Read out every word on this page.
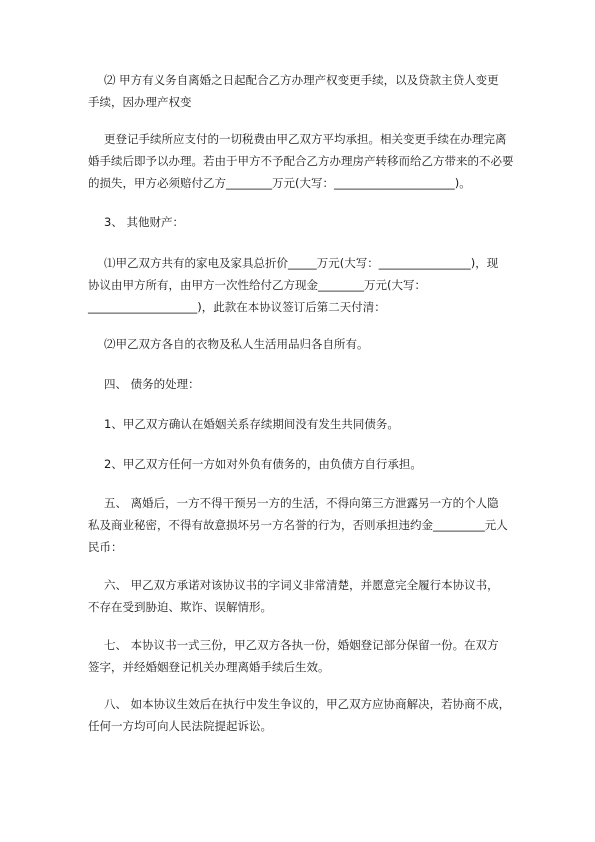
⑵ 甲方有义务自离婚之日起配合乙方办理产权变更手续，以及贷款主贷人变更
手续，因办理产权变
更登记手续所应支付的一切税费由甲乙双方平均承担。相关变更手续在办理完离
婚手续后即予以办理。若由于甲方不予配合乙方办理房产转移而给乙方带来的不必要
的损失，甲方必须赔付乙方________万元(大写：_____________________)。
3、 其他财产：
⑴甲乙双方共有的家电及家具总折价_____万元(大写：________________)，现
协议由甲方所有，由甲方一次性给付乙方现金________万元(大写：
___________________)，此款在本协议签订后第二天付清：
⑵甲乙双方各自的衣物及私人生活用品归各自所有。
四、 债务的处理：
1、甲乙双方确认在婚姻关系存续期间没有发生共同债务。
2、甲乙双方任何一方如对外负有债务的，由负债方自行承担。
五、 离婚后，一方不得干预另一方的生活，不得向第三方泄露另一方的个人隐
私及商业秘密，不得有故意损坏另一方名誉的行为，否则承担违约金_________元人
民币：
六、 甲乙双方承诺对该协议书的字词义非常清楚，并愿意完全履行本协议书，
不存在受到胁迫、欺诈、误解情形。
七、 本协议书一式三份，甲乙双方各执一份，婚姻登记部分保留一份。在双方
签字，并经婚姻登记机关办理离婚手续后生效。
八、 如本协议生效后在执行中发生争议的，甲乙双方应协商解决，若协商不成，
任何一方均可向人民法院提起诉讼。
